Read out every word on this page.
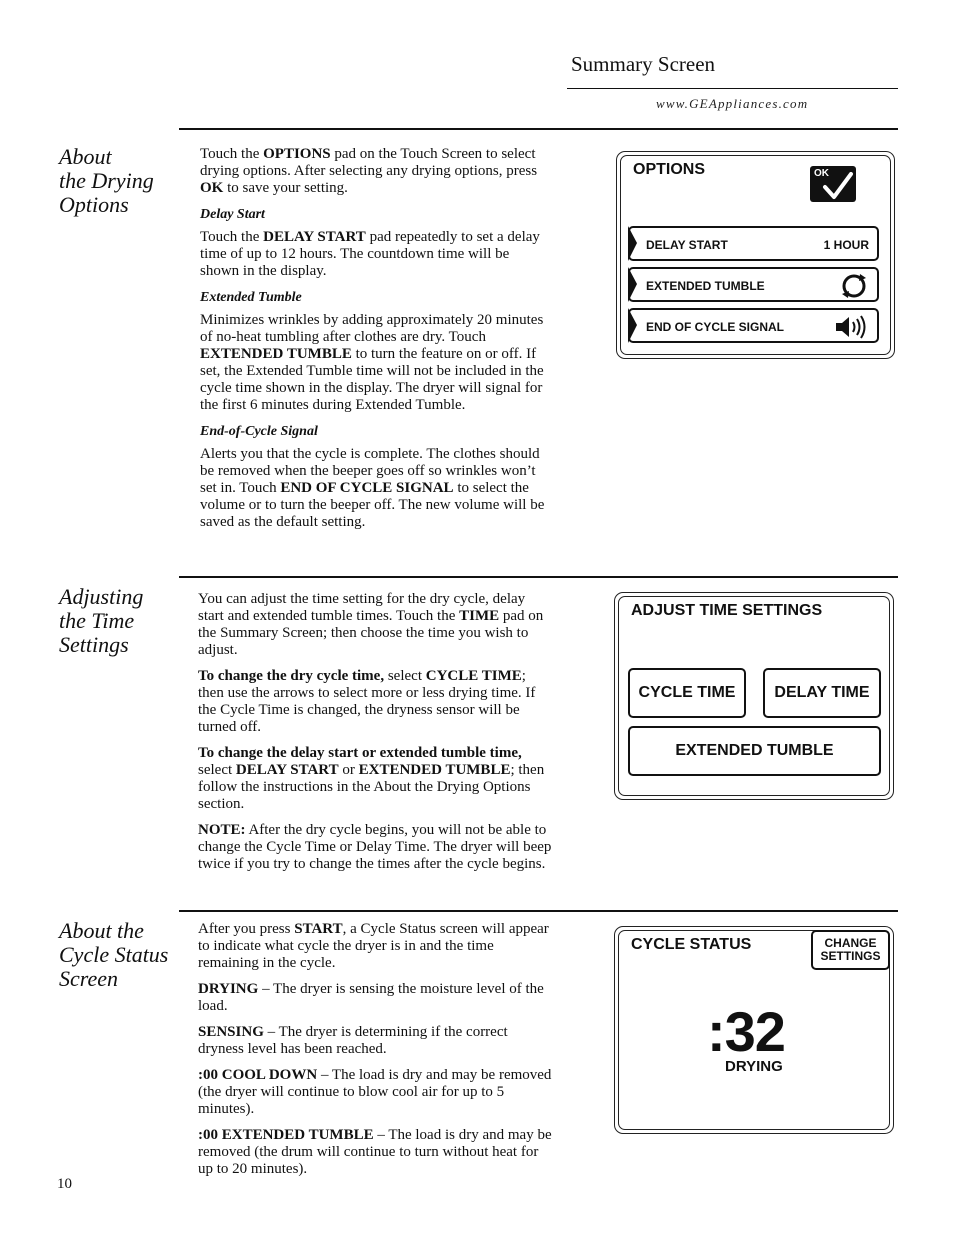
Summary Screen
www.GEAppliances.com
About
the Drying
Options

Touch the OPTIONS pad on the Touch Screen to select drying options. After selecting any drying options, press OK to save your setting.

Delay Start

Touch the DELAY START pad repeatedly to set a delay time of up to 12 hours. The countdown time will be shown in the display.

Extended Tumble

Minimizes wrinkles by adding approximately 20 minutes of no-heat tumbling after clothes are dry. Touch EXTENDED TUMBLE to turn the feature on or off. If set, the Extended Tumble time will not be included in the cycle time shown in the display. The dryer will signal for the first 6 minutes during Extended Tumble.

End-of-Cycle Signal

Alerts you that the cycle is complete. The clothes should be removed when the beeper goes off so wrinkles won’t set in. Touch END OF CYCLE SIGNAL to select the volume or to turn the beeper off. The new volume will be saved as the default setting.

OPTIONS	OK
DELAY START	1 HOUR
EXTENDED TUMBLE
END OF CYCLE SIGNAL
Adjusting
the Time
Settings

You can adjust the time setting for the dry cycle, delay start and extended tumble times. Touch the TIME pad on the Summary Screen; then choose the time you wish to adjust.

To change the dry cycle time, select CYCLE TIME; then use the arrows to select more or less drying time. If the Cycle Time is changed, the dryness sensor will be turned off.

To change the delay start or extended tumble time, select DELAY START or EXTENDED TUMBLE; then follow the instructions in the About the Drying Options section.

NOTE: After the dry cycle begins, you will not be able to change the Cycle Time or Delay Time. The dryer will beep twice if you try to change the times after the cycle begins.

ADJUST TIME SETTINGS
CYCLE TIME	DELAY TIME
EXTENDED TUMBLE
About the
Cycle Status
Screen

After you press START, a Cycle Status screen will appear to indicate what cycle the dryer is in and the time remaining in the cycle.

DRYING – The dryer is sensing the moisture level of the load.

SENSING – The dryer is determining if the correct dryness level has been reached.

:00 COOL DOWN – The load is dry and may be removed (the dryer will continue to blow cool air for up to 5 minutes).

:00 EXTENDED TUMBLE – The load is dry and may be removed (the drum will continue to turn without heat for up to 20 minutes).

CYCLE STATUS	CHANGE
SETTINGS
:32
DRYING
10
